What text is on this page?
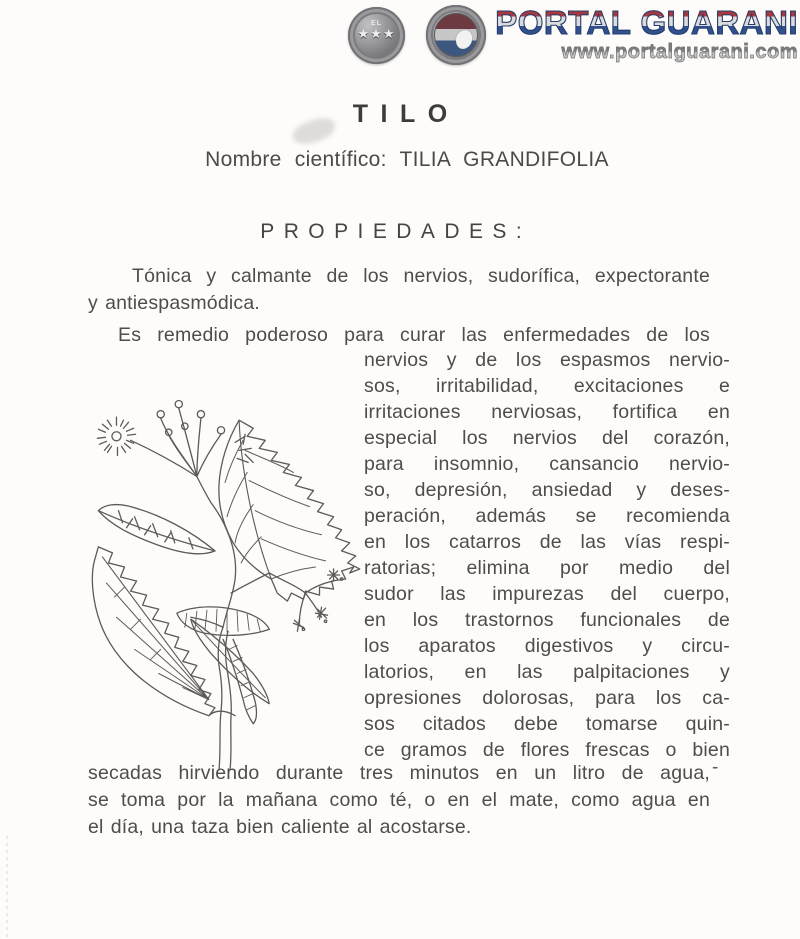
EL
★★★	PORTAL GUARANI
www.portalguarani.com
TILO
Nombre científico: TILIA GRANDIFOLIA
PROPIEDADES:
Tónica y calmante de los nervios, sudorífica, expectorante
y antiespasmódica.
Es remedio poderoso para curar las enfermedades de los
nervios y de los espasmos nervio-
sos, irritabilidad, excitaciones e
irritaciones nerviosas, fortifica en
especial los nervios del corazón,
para insomnio, cansancio nervio-
so, depresión, ansiedad y deses-
peración, además se recomienda
en los catarros de las vías respi-
ratorias; elimina por medio del
sudor las impurezas del cuerpo,
en los trastornos funcionales de
los aparatos digestivos y circu-
latorios, en las palpitaciones y
opresiones dolorosas, para los ca-
sos citados debe tomarse quin-
ce gramos de flores frescas o bien
secadas hirviendo durante tres minutos en un litro de agua,
se toma por la mañana como té, o en el mate, como agua en
el día, una taza bien caliente al acostarse.
-
